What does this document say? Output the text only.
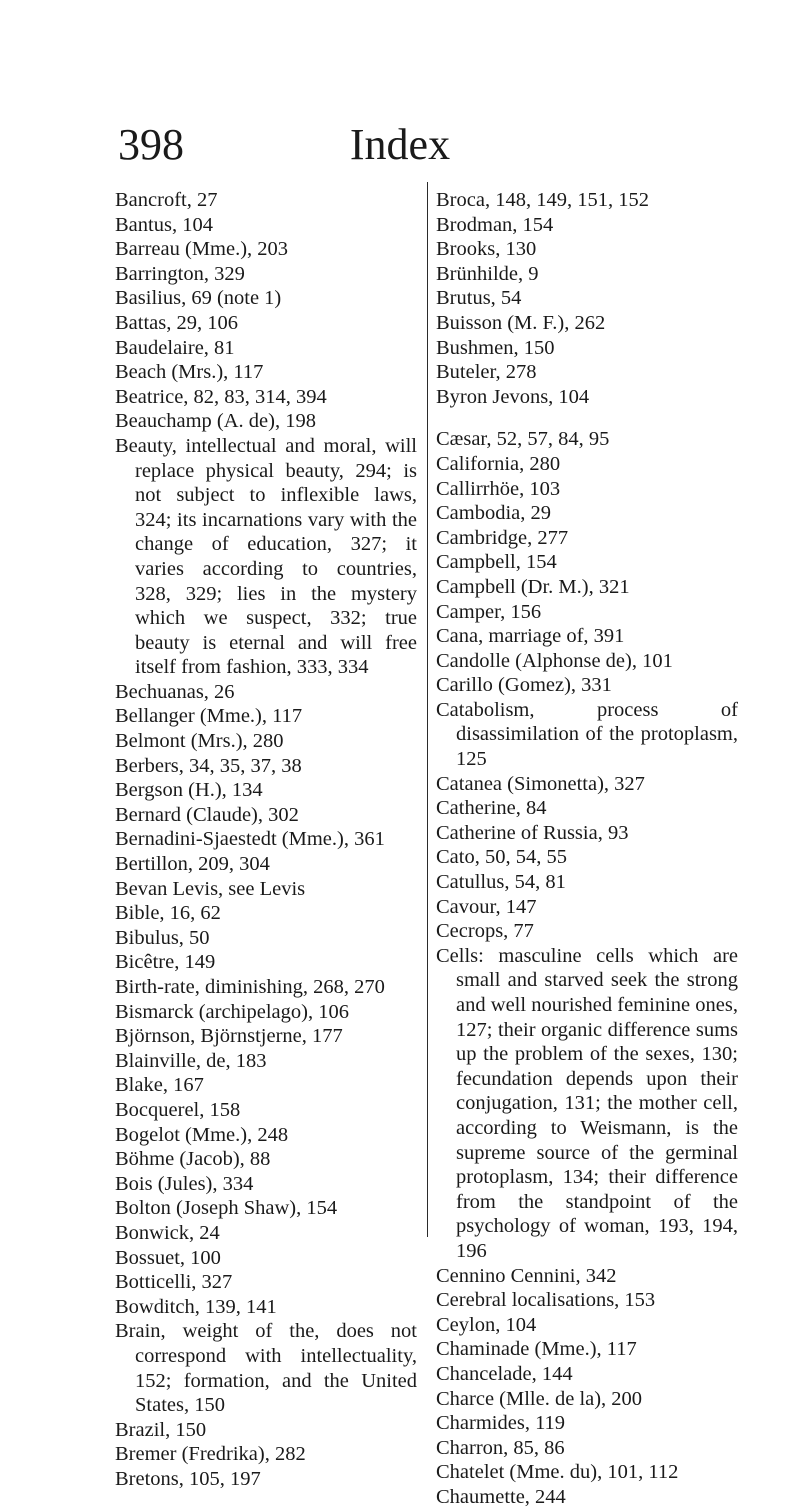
Index
398

Bancroft, 27

Bantus, 104

Barreau (Mme.), 203

Barrington, 329

Basilius, 69 (note 1)

Battas, 29, 106

Baudelaire, 81

Beach (Mrs.), 117

Beatrice, 82, 83, 314, 394

Beauchamp (A. de), 198

Beauty, intellectual and moral, will replace physical beauty, 294; is not subject to inflexible laws, 324; its incarnations vary with the change of education, 327; it varies according to countries, 328, 329; lies in the mystery which we suspect, 332; true beauty is eternal and will free itself from fashion, 333, 334

Bechuanas, 26

Bellanger (Mme.), 117

Belmont (Mrs.), 280

Berbers, 34, 35, 37, 38

Bergson (H.), 134

Bernard (Claude), 302

Bernadini-Sjaestedt (Mme.), 361

Bertillon, 209, 304

Bevan Levis, see Levis

Bible, 16, 62

Bibulus, 50

Bicêtre, 149

Birth-rate, diminishing, 268, 270

Bismarck (archipelago), 106

Björnson, Björnstjerne, 177

Blainville, de, 183

Blake, 167

Bocquerel, 158

Bogelot (Mme.), 248

Böhme (Jacob), 88

Bois (Jules), 334

Bolton (Joseph Shaw), 154

Bonwick, 24

Bossuet, 100

Botticelli, 327

Bowditch, 139, 141

Brain, weight of the, does not correspond with intellectuality, 152; formation, and the United States, 150

Brazil, 150

Bremer (Fredrika), 282

Bretons, 105, 197

Broca, 148, 149, 151, 152

Brodman, 154

Brooks, 130

Brünhilde, 9

Brutus, 54

Buisson (M. F.), 262

Bushmen, 150

Buteler, 278

Byron Jevons, 104

Cæsar, 52, 57, 84, 95

California, 280

Callirrhöe, 103

Cambodia, 29

Cambridge, 277

Campbell, 154

Campbell (Dr. M.), 321

Camper, 156

Cana, marriage of, 391

Candolle (Alphonse de), 101

Carillo (Gomez), 331

Catabolism, process of disassimilation of the protoplasm, 125

Catanea (Simonetta), 327

Catherine, 84

Catherine of Russia, 93

Cato, 50, 54, 55

Catullus, 54, 81

Cavour, 147

Cecrops, 77

Cells: masculine cells which are small and starved seek the strong and well nourished feminine ones, 127; their organic difference sums up the problem of the sexes, 130; fecundation depends upon their conjugation, 131; the mother cell, according to Weismann, is the supreme source of the germinal protoplasm, 134; their difference from the standpoint of the psychology of woman, 193, 194, 196

Cennino Cennini, 342

Cerebral localisations, 153

Ceylon, 104

Chaminade (Mme.), 117

Chancelade, 144

Charce (Mlle. de la), 200

Charmides, 119

Charron, 85, 86

Chatelet (Mme. du), 101, 112

Chaumette, 244
